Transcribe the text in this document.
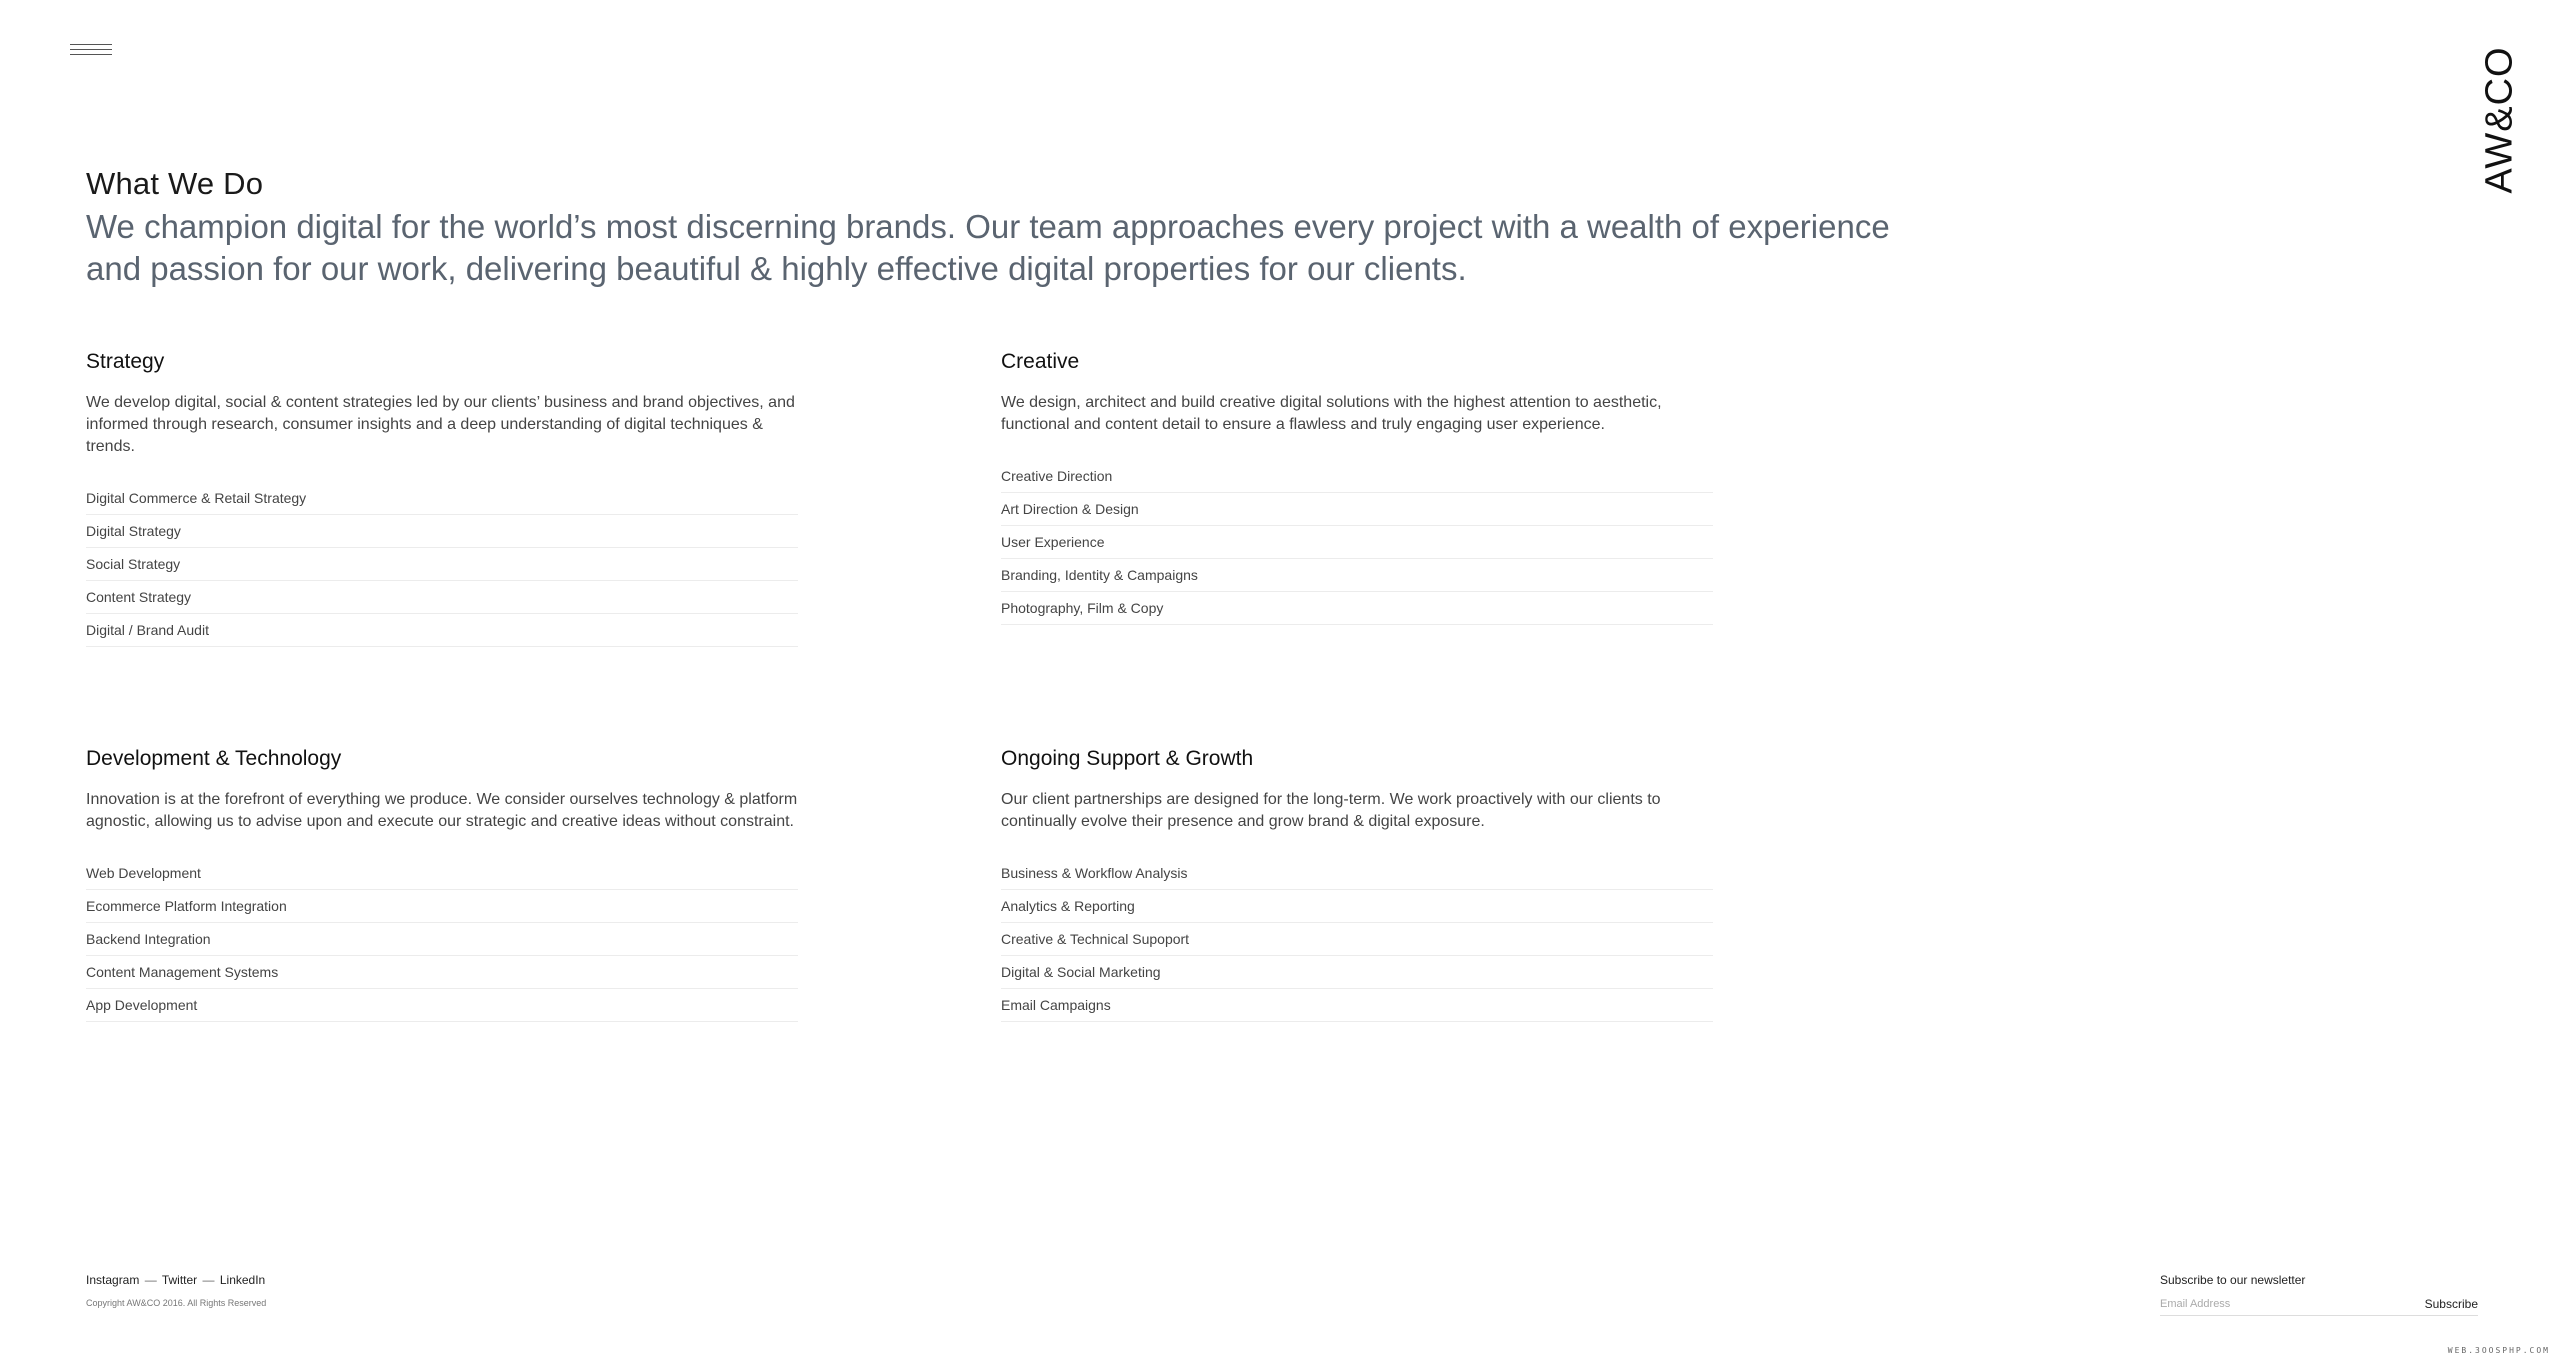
AW&CO
What We Do

We champion digital for the world’s most discerning brands. Our team approaches every project with a wealth of experience and passion for our work, delivering beautiful & highly effective digital properties for our clients.

Strategy

We develop digital, social & content strategies led by our clients’ business and brand objectives, and informed through research, consumer insights and a deep understanding of digital techniques & trends.

Digital Commerce & Retail Strategy
Digital Strategy
Social Strategy
Content Strategy
Digital / Brand Audit
Creative

We design, architect and build creative digital solutions with the highest attention to aesthetic, functional and content detail to ensure a flawless and truly engaging user experience.

Creative Direction
Art Direction & Design
User Experience
Branding, Identity & Campaigns
Photography, Film & Copy
Development & Technology

Innovation is at the forefront of everything we produce. We consider ourselves technology & platform agnostic, allowing us to advise upon and execute our strategic and creative ideas without constraint.

Web Development
Ecommerce Platform Integration
Backend Integration
Content Management Systems
App Development
Ongoing Support & Growth

Our client partnerships are designed for the long-term. We work proactively with our clients to continually evolve their presence and grow brand & digital exposure.

Business & Workflow Analysis
Analytics & Reporting
Creative & Technical Supoport
Digital & Social Marketing
Email Campaigns
Instagram — Twitter — LinkedIn
Copyright AW&CO 2016. All Rights Reserved
Subscribe to our newsletter
Email Address
Subscribe
WEB.3OOSPHP.COM
